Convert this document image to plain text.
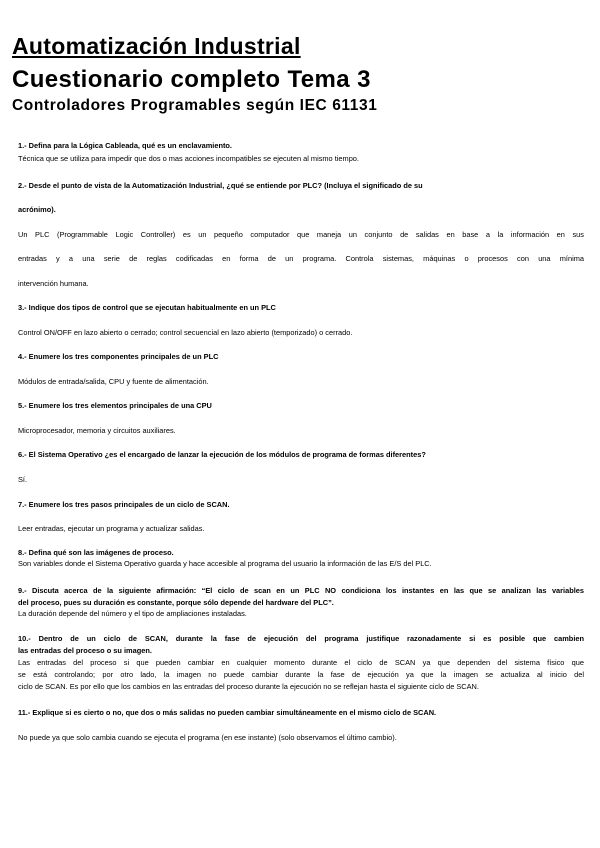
Automatización Industrial
Cuestionario completo Tema 3
Controladores Programables según IEC 61131
1.- Defina para la Lógica Cableada, qué es un enclavamiento.
Técnica que se utiliza para impedir que dos o mas acciones incompatibles se ejecuten al mismo tiempo.
2.- Desde el punto de vista de la Automatización Industrial, ¿qué se entiende por PLC? (Incluya el significado de su
acrónimo).
Un PLC (Programmable Logic Controller) es un pequeño computador que maneja un conjunto de salidas en base a la información en sus
entradas y a una serie de reglas codificadas en forma de un programa. Controla sistemas, máquinas o procesos con una mínima
intervención humana.
3.- Indique dos tipos de control que se ejecutan habitualmente en un PLC
Control ON/OFF en lazo abierto o cerrado; control secuencial en lazo abierto (temporizado) o cerrado.
4.- Enumere los tres componentes principales de un PLC
Módulos de entrada/salida, CPU y fuente de alimentación.
5.- Enumere los tres elementos principales de una CPU
Microprocesador, memoria y circuitos auxiliares.
6.- El Sistema Operativo ¿es el encargado de lanzar la ejecución de los módulos de programa de formas diferentes?
Sí.
7.- Enumere los tres pasos principales de un ciclo de SCAN.
Leer entradas, ejecutar un programa y actualizar salidas.
8.- Defina qué son las imágenes de proceso.
Son variables donde el Sistema Operativo guarda y hace accesible al programa del usuario la información de las E/S del PLC.
9.- Discuta acerca de la siguiente afirmación: “El ciclo de scan en un PLC NO condiciona los instantes en las que se analizan las variables
del proceso, pues su duración es constante, porque sólo depende del hardware del PLC”.
La duración depende del número y el tipo de ampliaciones instaladas.
10.- Dentro de un ciclo de SCAN, durante la fase de ejecución del programa justifique razonadamente si es posible que cambien
las entradas del proceso o su imagen.
Las entradas del proceso si que pueden cambiar en cualquier momento durante el ciclo de SCAN ya que dependen del sistema físico que
se está controlando; por otro lado, la imagen no puede cambiar durante la fase de ejecución ya que la imagen se actualiza al inicio del
ciclo de SCAN. Es por ello que los cambios en las entradas del proceso durante la ejecución no se reflejan hasta el siguiente ciclo de SCAN.
11.- Explique si es cierto o no, que dos o más salidas no pueden cambiar simultáneamente en el mismo ciclo de SCAN.
No puede ya que solo cambia cuando se ejecuta el programa (en ese instante) (solo observamos el último cambio).
